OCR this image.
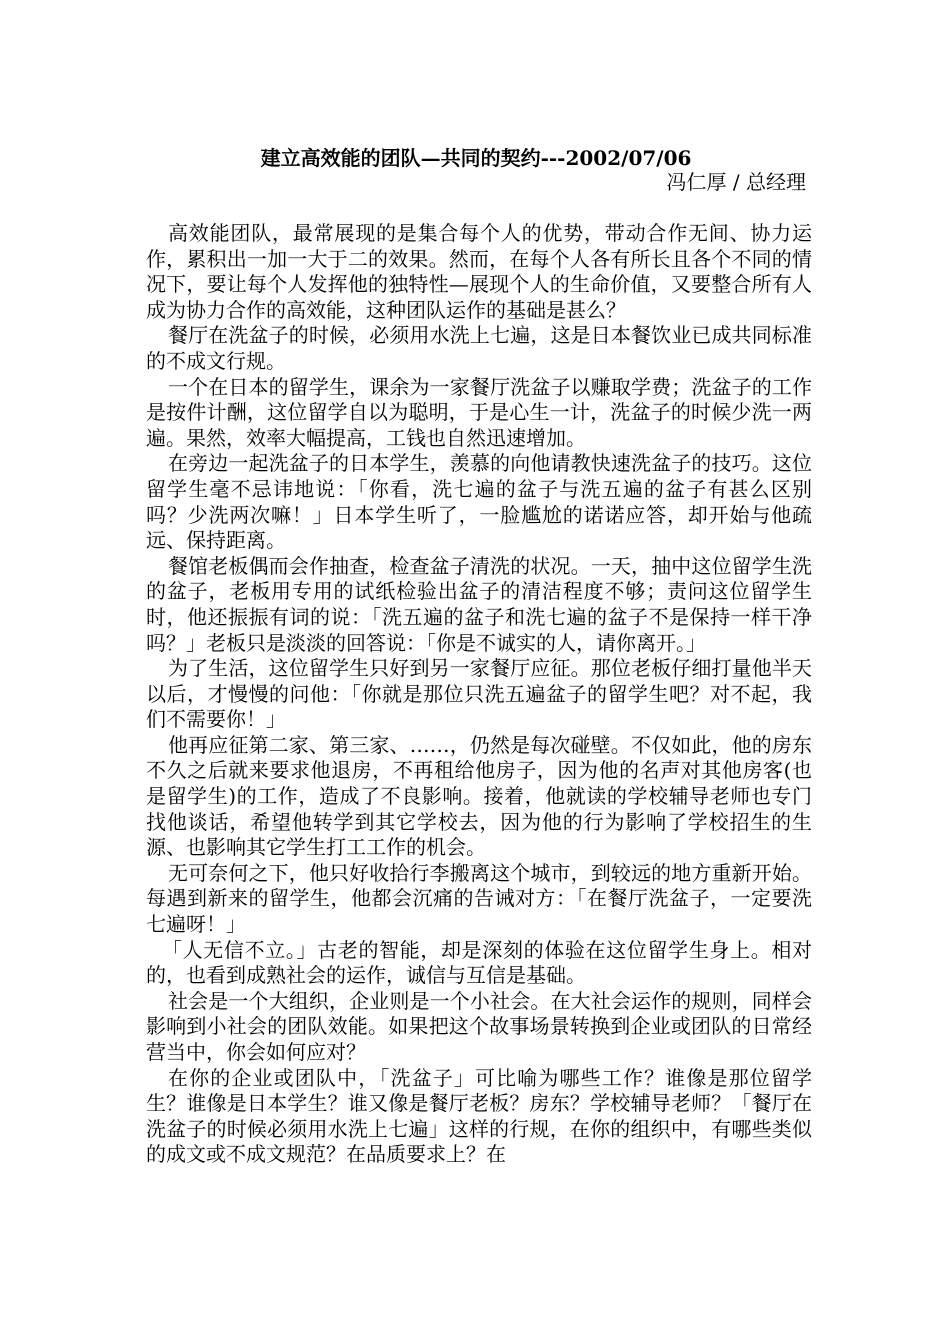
建立高效能的团队—共同的契约---2002/07/06
冯仁厚 / 总经理

高效能团队，最常展现的是集合每个人的优势，带动合作无间、协力运作，累积出一加一大于二的效果。然而，在每个人各有所长且各个不同的情况下，要让每个人发挥他的独特性—展现个人的生命价值，又要整合所有人成为协力合作的高效能，这种团队运作的基础是甚么？

餐厅在洗盆子的时候，必须用水洗上七遍，这是日本餐饮业已成共同标准的不成文行规。

一个在日本的留学生，课余为一家餐厅洗盆子以赚取学费；洗盆子的工作是按件计酬，这位留学自以为聪明，于是心生一计，洗盆子的时候少洗一两遍。果然，效率大幅提高，工钱也自然迅速增加。

在旁边一起洗盆子的日本学生，羡慕的向他请教快速洗盆子的技巧。这位留学生毫不忌讳地说：「你看，洗七遍的盆子与洗五遍的盆子有甚么区别吗？少洗两次嘛！」日本学生听了，一脸尴尬的诺诺应答，却开始与他疏远、保持距离。

餐馆老板偶而会作抽查，检查盆子清洗的状况。一天，抽中这位留学生洗的盆子，老板用专用的试纸检验出盆子的清洁程度不够；责问这位留学生时，他还振振有词的说：「洗五遍的盆子和洗七遍的盆子不是保持一样干净吗？」老板只是淡淡的回答说：「你是不诚实的人，请你离开。」

为了生活，这位留学生只好到另一家餐厅应征。那位老板仔细打量他半天以后，才慢慢的问他：「你就是那位只洗五遍盆子的留学生吧？对不起，我们不需要你！」

他再应征第二家、第三家、……，仍然是每次碰壁。不仅如此，他的房东不久之后就来要求他退房，不再租给他房子，因为他的名声对其他房客(也是留学生)的工作，造成了不良影响。接着，他就读的学校辅导老师也专门找他谈话，希望他转学到其它学校去，因为他的行为影响了学校招生的生源、也影响其它学生打工工作的机会。

无可奈何之下，他只好收拾行李搬离这个城市，到较远的地方重新开始。每遇到新来的留学生，他都会沉痛的告诫对方：「在餐厅洗盆子，一定要洗七遍呀！」

「人无信不立。」古老的智能，却是深刻的体验在这位留学生身上。相对的，也看到成熟社会的运作，诚信与互信是基础。

社会是一个大组织，企业则是一个小社会。在大社会运作的规则，同样会影响到小社会的团队效能。如果把这个故事场景转换到企业或团队的日常经营当中，你会如何应对？

在你的企业或团队中，「洗盆子」可比喻为哪些工作？谁像是那位留学生？谁像是日本学生？谁又像是餐厅老板？房东？学校辅导老师？「餐厅在洗盆子的时候必须用水洗上七遍」这样的行规，在你的组织中，有哪些类似的成文或不成文规范？在品质要求上？在
